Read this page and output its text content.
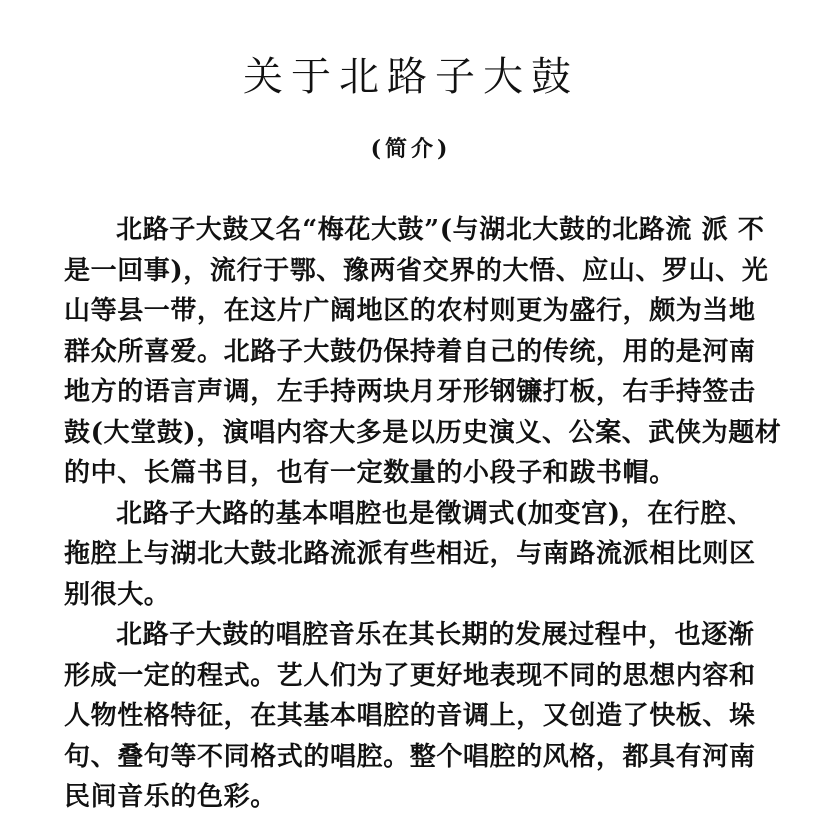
关于北路子大鼓
(简介)
北路子大鼓又名“梅花大鼓”(与湖北大鼓的北路流 派 不
是一回事)，流行于鄂、豫两省交界的大悟、应山、罗山、光
山等县一带，在这片广阔地区的农村则更为盛行，颇为当地
群众所喜爱。北路子大鼓仍保持着自己的传统，用的是河南
地方的语言声调，左手持两块月牙形钢镰打板，右手持签击
鼓(大堂鼓)，演唱内容大多是以历史演义、公案、武侠为题材
的中、长篇书目，也有一定数量的小段子和跋书帽。
北路子大路的基本唱腔也是徵调式(加变宫)，在行腔、
拖腔上与湖北大鼓北路流派有些相近，与南路流派相比则区
别很大。
北路子大鼓的唱腔音乐在其长期的发展过程中，也逐渐
形成一定的程式。艺人们为了更好地表现不同的思想内容和
人物性格特征，在其基本唱腔的音调上，又创造了快板、垛
句、叠句等不同格式的唱腔。整个唱腔的风格，都具有河南
民间音乐的色彩。
